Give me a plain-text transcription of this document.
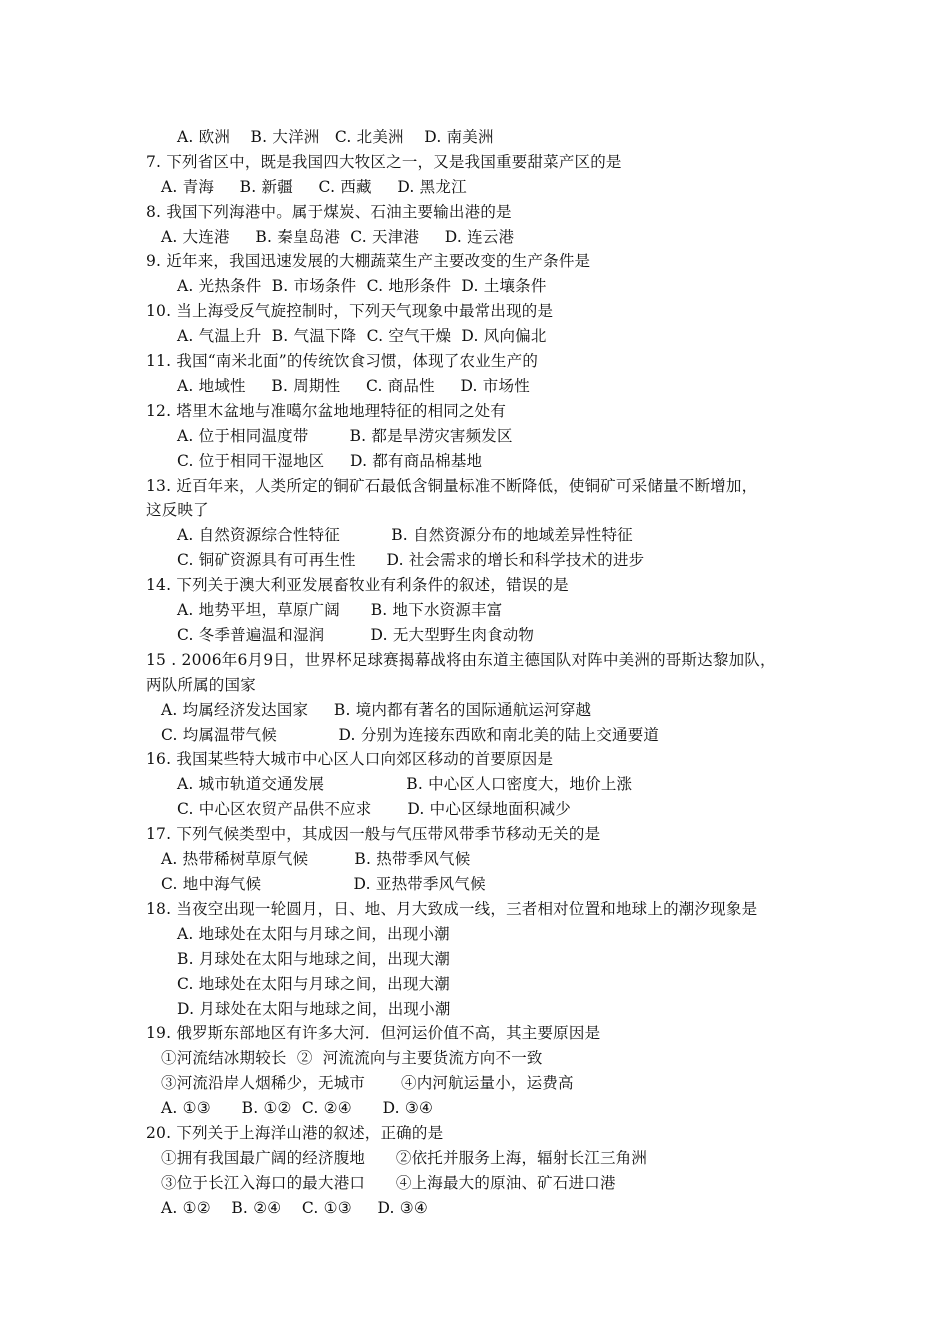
A. 欧洲    B. 大洋洲   C. 北美洲    D. 南美洲
7. 下列省区中，既是我国四大牧区之一，又是我国重要甜菜产区的是
A. 青海     B. 新疆     C. 西藏     D. 黑龙江
8. 我国下列海港中。属于煤炭、石油主要输出港的是
A. 大连港     B. 秦皇岛港  C. 天津港     D. 连云港
9. 近年来，我国迅速发展的大棚蔬菜生产主要改变的生产条件是
A. 光热条件  B. 市场条件  C. 地形条件  D. 土壤条件
10. 当上海受反气旋控制时，下列天气现象中最常出现的是
A. 气温上升  B. 气温下降  C. 空气干燥  D. 风向偏北
11. 我国“南米北面”的传统饮食习惯，体现了农业生产的
A. 地域性     B. 周期性     C. 商品性     D. 市场性
12. 塔里木盆地与准噶尔盆地地理特征的相同之处有
A. 位于相同温度带        B. 都是旱涝灾害频发区
C. 位于相同干湿地区     D. 都有商品棉基地
13. 近百年来，人类所定的铜矿石最低含铜量标准不断降低，使铜矿可采储量不断增加，
这反映了
A. 自然资源综合性特征          B. 自然资源分布的地域差异性特征
C. 铜矿资源具有可再生性      D. 社会需求的增长和科学技术的进步
14. 下列关于澳大利亚发展畜牧业有利条件的叙述，错误的是
A. 地势平坦，草原广阔      B. 地下水资源丰富
C. 冬季普遍温和湿润         D. 无大型野生肉食动物
15 . 2006年6月9日，世界杯足球赛揭幕战将由东道主德国队对阵中美洲的哥斯达黎加队，
两队所属的国家
A. 均属经济发达国家     B. 境内都有著名的国际通航运河穿越
C. 均属温带气候            D. 分别为连接东西欧和南北美的陆上交通要道
16. 我国某些特大城市中心区人口向郊区移动的首要原因是
A. 城市轨道交通发展                B. 中心区人口密度大，地价上涨
C. 中心区农贸产品供不应求       D. 中心区绿地面积减少
17. 下列气候类型中，其成因一般与气压带风带季节移动无关的是
A. 热带稀树草原气候         B. 热带季风气候
C. 地中海气候                  D. 亚热带季风气候
18. 当夜空出现一轮圆月，日、地、月大致成一线，三者相对位置和地球上的潮汐现象是
A. 地球处在太阳与月球之间，出现小潮
B. 月球处在太阳与地球之间，出现大潮
C. 地球处在太阳与月球之间，出现大潮
D. 月球处在太阳与地球之间，出现小潮
19. 俄罗斯东部地区有许多大河．但河运价值不高，其主要原因是
①河流结冰期较长  ②  河流流向与主要货流方向不一致
③河流沿岸人烟稀少，无城市       ④内河航运量小，运费高
A. ①③      B. ①②  C. ②④      D. ③④
20. 下列关于上海洋山港的叙述，正确的是
①拥有我国最广阔的经济腹地      ②依托并服务上海，辐射长江三角洲
③位于长江入海口的最大港口      ④上海最大的原油、矿石进口港
A. ①②    B. ②④    C. ①③     D. ③④
